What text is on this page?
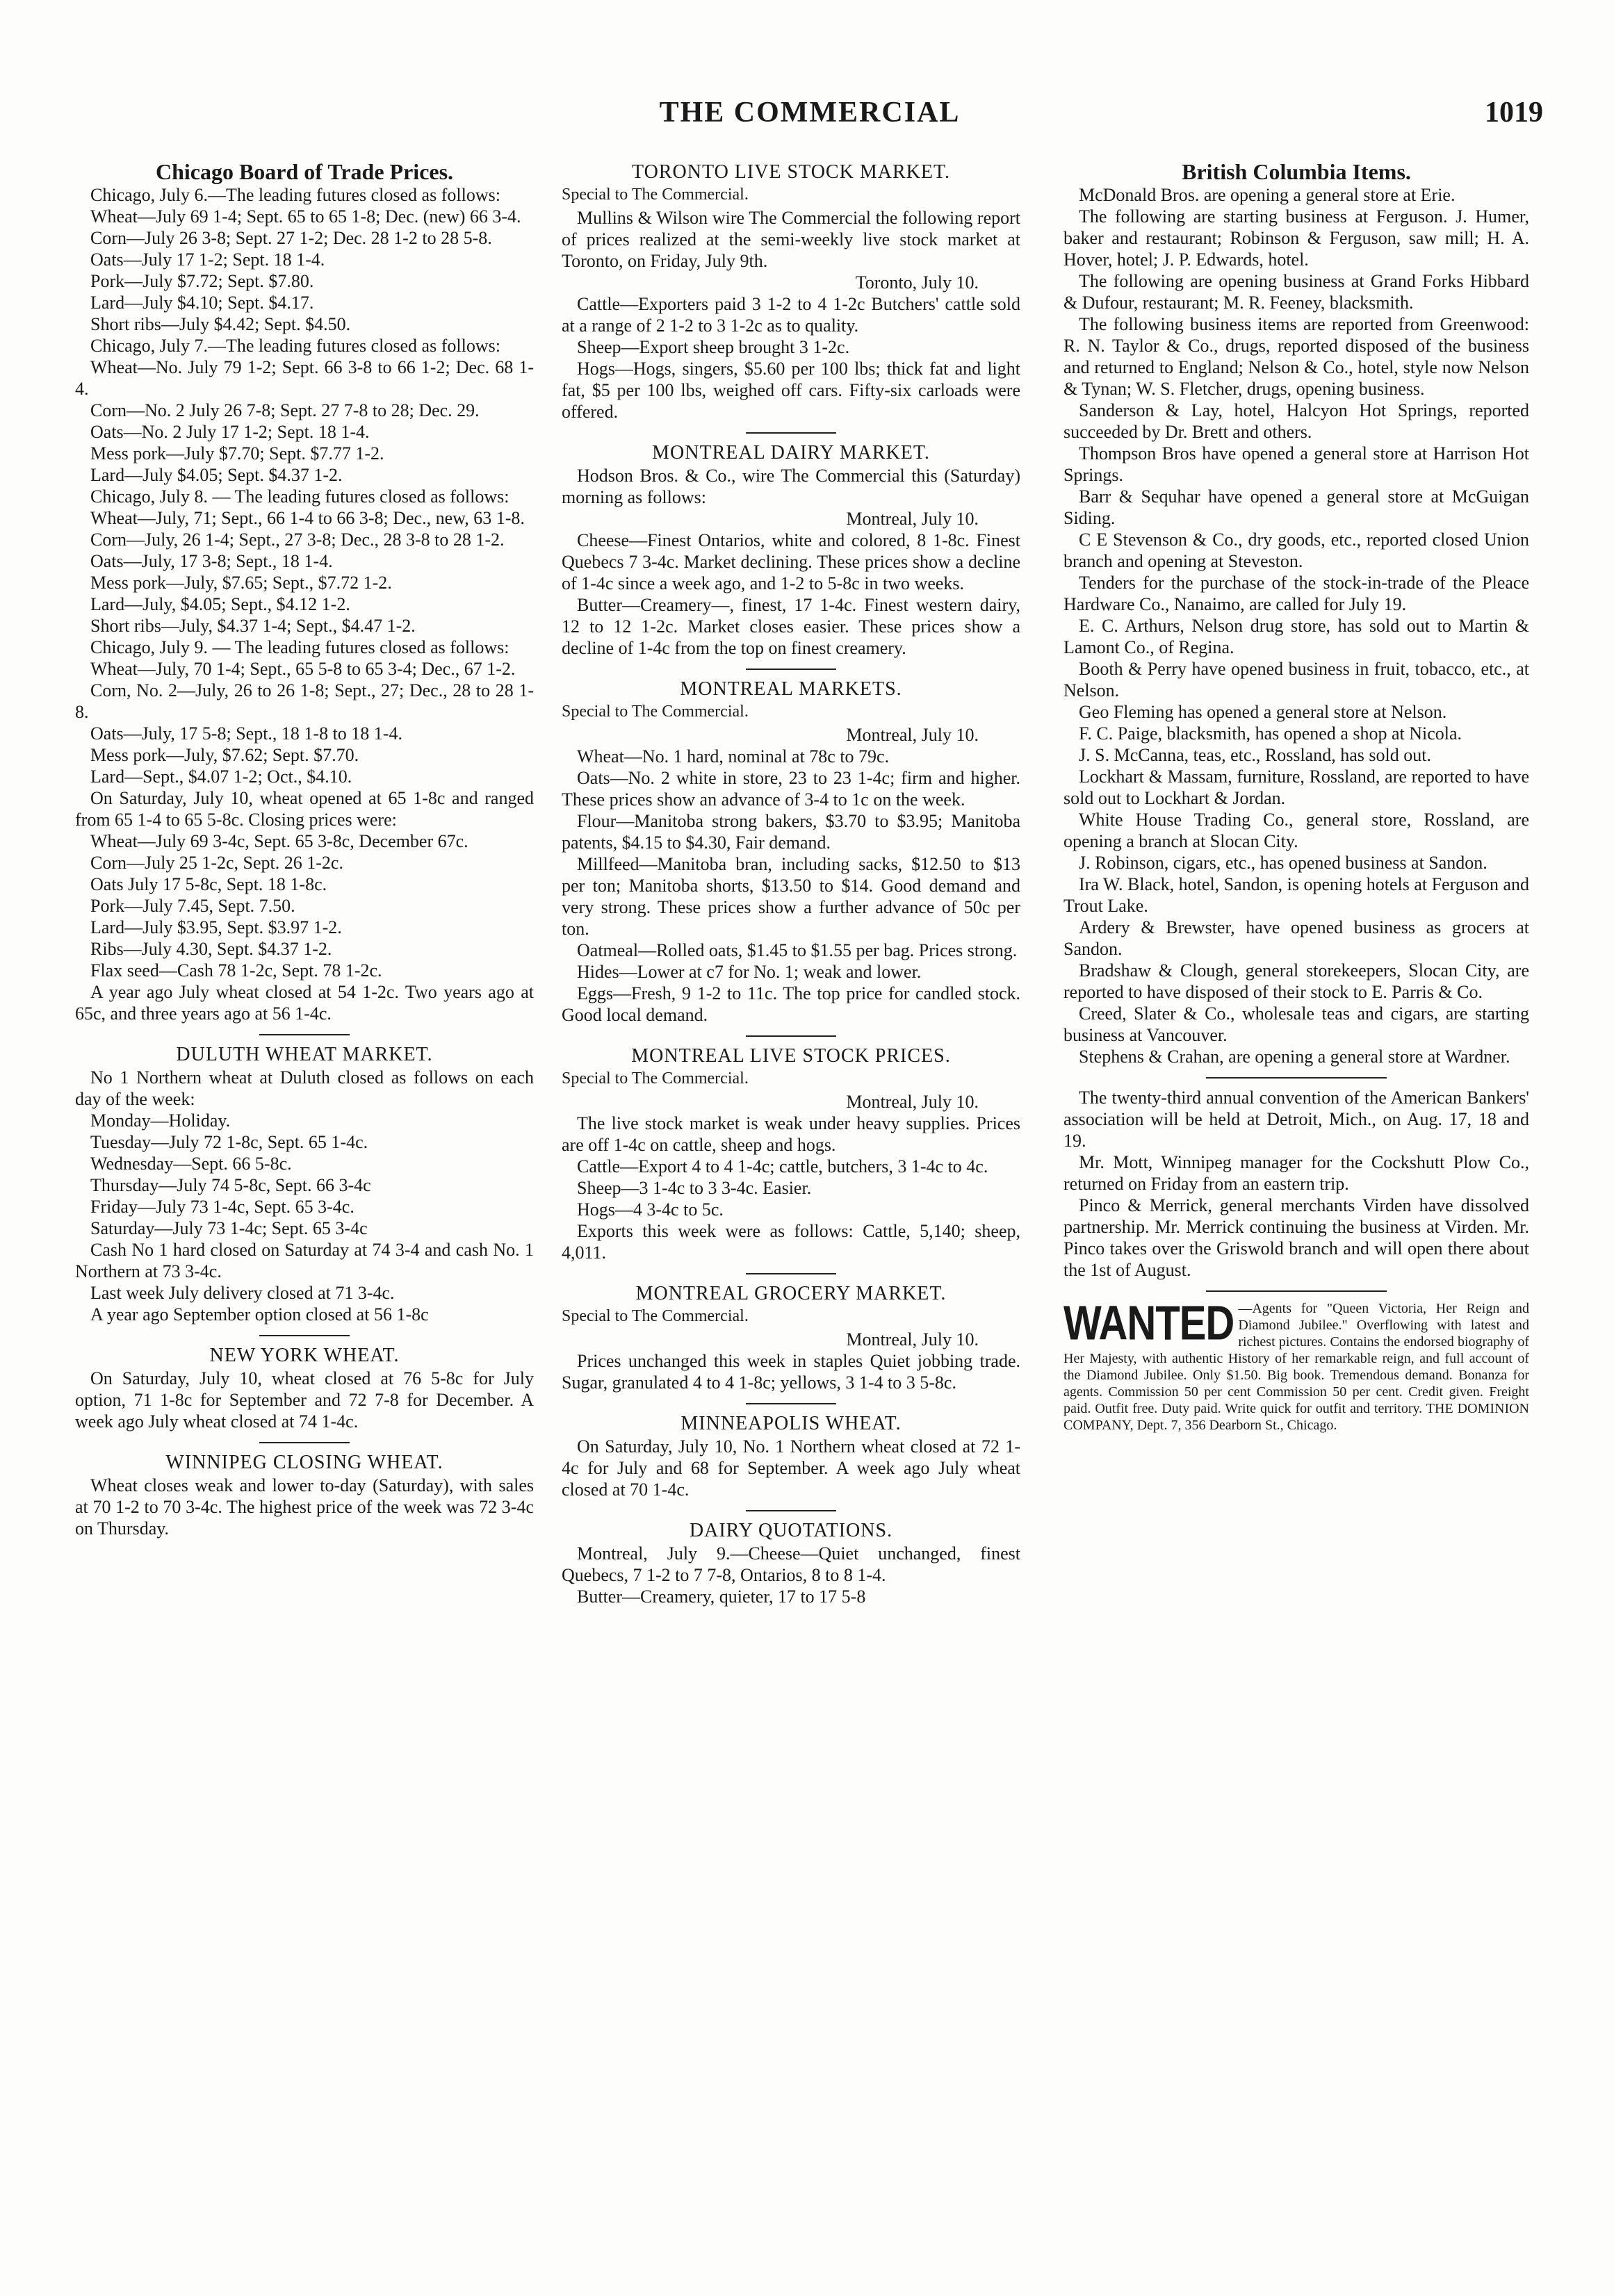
THE COMMERCIAL	1019
Chicago Board of Trade Prices.

Chicago, July 6.—The leading futures closed as follows:

Wheat—July 69 1-4; Sept. 65 to 65 1-8; Dec. (new) 66 3-4.

Corn—July 26 3-8; Sept. 27 1-2; Dec. 28 1-2 to 28 5-8.

Oats—July 17 1-2; Sept. 18 1-4.

Pork—July $7.72; Sept. $7.80.

Lard—July $4.10; Sept. $4.17.

Short ribs—July $4.42; Sept. $4.50.

Chicago, July 7.—The leading futures closed as follows:

Wheat—No. July 79 1-2; Sept. 66 3-8 to 66 1-2; Dec. 68 1-4.

Corn—No. 2 July 26 7-8; Sept. 27 7-8 to 28; Dec. 29.

Oats—No. 2 July 17 1-2; Sept. 18 1-4.

Mess pork—July $7.70; Sept. $7.77 1-2.

Lard—July $4.05; Sept. $4.37 1-2.

Chicago, July 8. — The leading futures closed as follows:

Wheat—July, 71; Sept., 66 1-4 to 66 3-8; Dec., new, 63 1-8.

Corn—July, 26 1-4; Sept., 27 3-8; Dec., 28 3-8 to 28 1-2.

Oats—July, 17 3-8; Sept., 18 1-4.

Mess pork—July, $7.65; Sept., $7.72 1-2.

Lard—July, $4.05; Sept., $4.12 1-2.

Short ribs—July, $4.37 1-4; Sept., $4.47 1-2.

Chicago, July 9. — The leading futures closed as follows:

Wheat—July, 70 1-4; Sept., 65 5-8 to 65 3-4; Dec., 67 1-2.

Corn, No. 2—July, 26 to 26 1-8; Sept., 27; Dec., 28 to 28 1-8.

Oats—July, 17 5-8; Sept., 18 1-8 to 18 1-4.

Mess pork—July, $7.62; Sept. $7.70.

Lard—Sept., $4.07 1-2; Oct., $4.10.

On Saturday, July 10, wheat opened at 65 1-8c and ranged from 65 1-4 to 65 5-8c. Closing prices were:

Wheat—July 69 3-4c, Sept. 65 3-8c, December 67c.

Corn—July 25 1-2c, Sept. 26 1-2c.

Oats July 17 5-8c, Sept. 18 1-8c.

Pork—July 7.45, Sept. 7.50.

Lard—July $3.95, Sept. $3.97 1-2.

Ribs—July 4.30, Sept. $4.37 1-2.

Flax seed—Cash 78 1-2c, Sept. 78 1-2c.

A year ago July wheat closed at 54 1-2c. Two years ago at 65c, and three years ago at 56 1-4c.

DULUTH WHEAT MARKET.

No 1 Northern wheat at Duluth closed as follows on each day of the week:

Monday—Holiday.

Tuesday—July 72 1-8c, Sept. 65 1-4c.

Wednesday—Sept. 66 5-8c.

Thursday—July 74 5-8c, Sept. 66 3-4c

Friday—July 73 1-4c, Sept. 65 3-4c.

Saturday—July 73 1-4c; Sept. 65 3-4c

Cash No 1 hard closed on Saturday at 74 3-4 and cash No. 1 Northern at 73 3-4c.

Last week July delivery closed at 71 3-4c.

A year ago September option closed at 56 1-8c

NEW YORK WHEAT.

On Saturday, July 10, wheat closed at 76 5-8c for July option, 71 1-8c for September and 72 7-8 for December. A week ago July wheat closed at 74 1-4c.

WINNIPEG CLOSING WHEAT.

Wheat closes weak and lower to-day (Saturday), with sales at 70 1-2 to 70 3-4c. The highest price of the week was 72 3-4c on Thursday.

TORONTO LIVE STOCK MARKET.
Special to The Commercial.

Mullins & Wilson wire The Commercial the following report of prices realized at the semi-weekly live stock market at Toronto, on Friday, July 9th.

Toronto, July 10.

Cattle—Exporters paid 3 1-2 to 4 1-2c Butchers' cattle sold at a range of 2 1-2 to 3 1-2c as to quality.

Sheep—Export sheep brought 3 1-2c.

Hogs—Hogs, singers, $5.60 per 100 lbs; thick fat and light fat, $5 per 100 lbs, weighed off cars. Fifty-six carloads were offered.

MONTREAL DAIRY MARKET.

Hodson Bros. & Co., wire The Commercial this (Saturday) morning as follows:

Montreal, July 10.

Cheese—Finest Ontarios, white and colored, 8 1-8c. Finest Quebecs 7 3-4c. Market declining. These prices show a decline of 1-4c since a week ago, and 1-2 to 5-8c in two weeks.

Butter—Creamery—, finest, 17 1-4c. Finest western dairy, 12 to 12 1-2c. Market closes easier. These prices show a decline of 1-4c from the top on finest creamery.

MONTREAL MARKETS.
Special to The Commercial.
Montreal, July 10.

Wheat—No. 1 hard, nominal at 78c to 79c.

Oats—No. 2 white in store, 23 to 23 1-4c; firm and higher. These prices show an advance of 3-4 to 1c on the week.

Flour—Manitoba strong bakers, $3.70 to $3.95; Manitoba patents, $4.15 to $4.30, Fair demand.

Millfeed—Manitoba bran, including sacks, $12.50 to $13 per ton; Manitoba shorts, $13.50 to $14. Good demand and very strong. These prices show a further advance of 50c per ton.

Oatmeal—Rolled oats, $1.45 to $1.55 per bag. Prices strong.

Hides—Lower at c7 for No. 1; weak and lower.

Eggs—Fresh, 9 1-2 to 11c. The top price for candled stock. Good local demand.

MONTREAL LIVE STOCK PRICES.
Special to The Commercial.
Montreal, July 10.

The live stock market is weak under heavy supplies. Prices are off 1-4c on cattle, sheep and hogs.

Cattle—Export 4 to 4 1-4c; cattle, butchers, 3 1-4c to 4c.

Sheep—3 1-4c to 3 3-4c. Easier.

Hogs—4 3-4c to 5c.

Exports this week were as follows: Cattle, 5,140; sheep, 4,011.

MONTREAL GROCERY MARKET.
Special to The Commercial.
Montreal, July 10.

Prices unchanged this week in staples Quiet jobbing trade. Sugar, granulated 4 to 4 1-8c; yellows, 3 1-4 to 3 5-8c.

MINNEAPOLIS WHEAT.

On Saturday, July 10, No. 1 Northern wheat closed at 72 1-4c for July and 68 for September. A week ago July wheat closed at 70 1-4c.

DAIRY QUOTATIONS.

Montreal, July 9.—Cheese—Quiet unchanged, finest Quebecs, 7 1-2 to 7 7-8, Ontarios, 8 to 8 1-4.

Butter—Creamery, quieter, 17 to 17 5-8

British Columbia Items.

McDonald Bros. are opening a general store at Erie.

The following are starting business at Ferguson. J. Humer, baker and restaurant; Robinson & Ferguson, saw mill; H. A. Hover, hotel; J. P. Edwards, hotel.

The following are opening business at Grand Forks Hibbard & Dufour, restaurant; M. R. Feeney, blacksmith.

The following business items are reported from Greenwood: R. N. Taylor & Co., drugs, reported disposed of the business and returned to England; Nelson & Co., hotel, style now Nelson & Tynan; W. S. Fletcher, drugs, opening business.

Sanderson & Lay, hotel, Halcyon Hot Springs, reported succeeded by Dr. Brett and others.

Thompson Bros have opened a general store at Harrison Hot Springs.

Barr & Sequhar have opened a general store at McGuigan Siding.

C E Stevenson & Co., dry goods, etc., reported closed Union branch and opening at Steveston.

Tenders for the purchase of the stock-in-trade of the Pleace Hardware Co., Nanaimo, are called for July 19.

E. C. Arthurs, Nelson drug store, has sold out to Martin & Lamont Co., of Regina.

Booth & Perry have opened business in fruit, tobacco, etc., at Nelson.

Geo Fleming has opened a general store at Nelson.

F. C. Paige, blacksmith, has opened a shop at Nicola.

J. S. McCanna, teas, etc., Rossland, has sold out.

Lockhart & Massam, furniture, Rossland, are reported to have sold out to Lockhart & Jordan.

White House Trading Co., general store, Rossland, are opening a branch at Slocan City.

J. Robinson, cigars, etc., has opened business at Sandon.

Ira W. Black, hotel, Sandon, is opening hotels at Ferguson and Trout Lake.

Ardery & Brewster, have opened business as grocers at Sandon.

Bradshaw & Clough, general storekeepers, Slocan City, are reported to have disposed of their stock to E. Parris & Co.

Creed, Slater & Co., wholesale teas and cigars, are starting business at Vancouver.

Stephens & Crahan, are opening a general store at Wardner.

The twenty-third annual convention of the American Bankers' association will be held at Detroit, Mich., on Aug. 17, 18 and 19.

Mr. Mott, Winnipeg manager for the Cockshutt Plow Co., returned on Friday from an eastern trip.

Pinco & Merrick, general merchants Virden have dissolved partnership. Mr. Merrick continuing the business at Virden. Mr. Pinco takes over the Griswold branch and will open there about the 1st of August.

WANTED —Agents for "Queen Victoria, Her Reign and Diamond Jubilee." Overflowing with latest and richest pictures. Contains the endorsed biography of Her Majesty, with authentic History of her remarkable reign, and full account of the Diamond Jubilee. Only $1.50. Big book. Tremendous demand. Bonanza for agents. Commission 50 per cent Commission 50 per cent. Credit given. Freight paid. Outfit free. Duty paid. Write quick for outfit and territory. THE DOMINION COMPANY, Dept. 7, 356 Dearborn St., Chicago.
